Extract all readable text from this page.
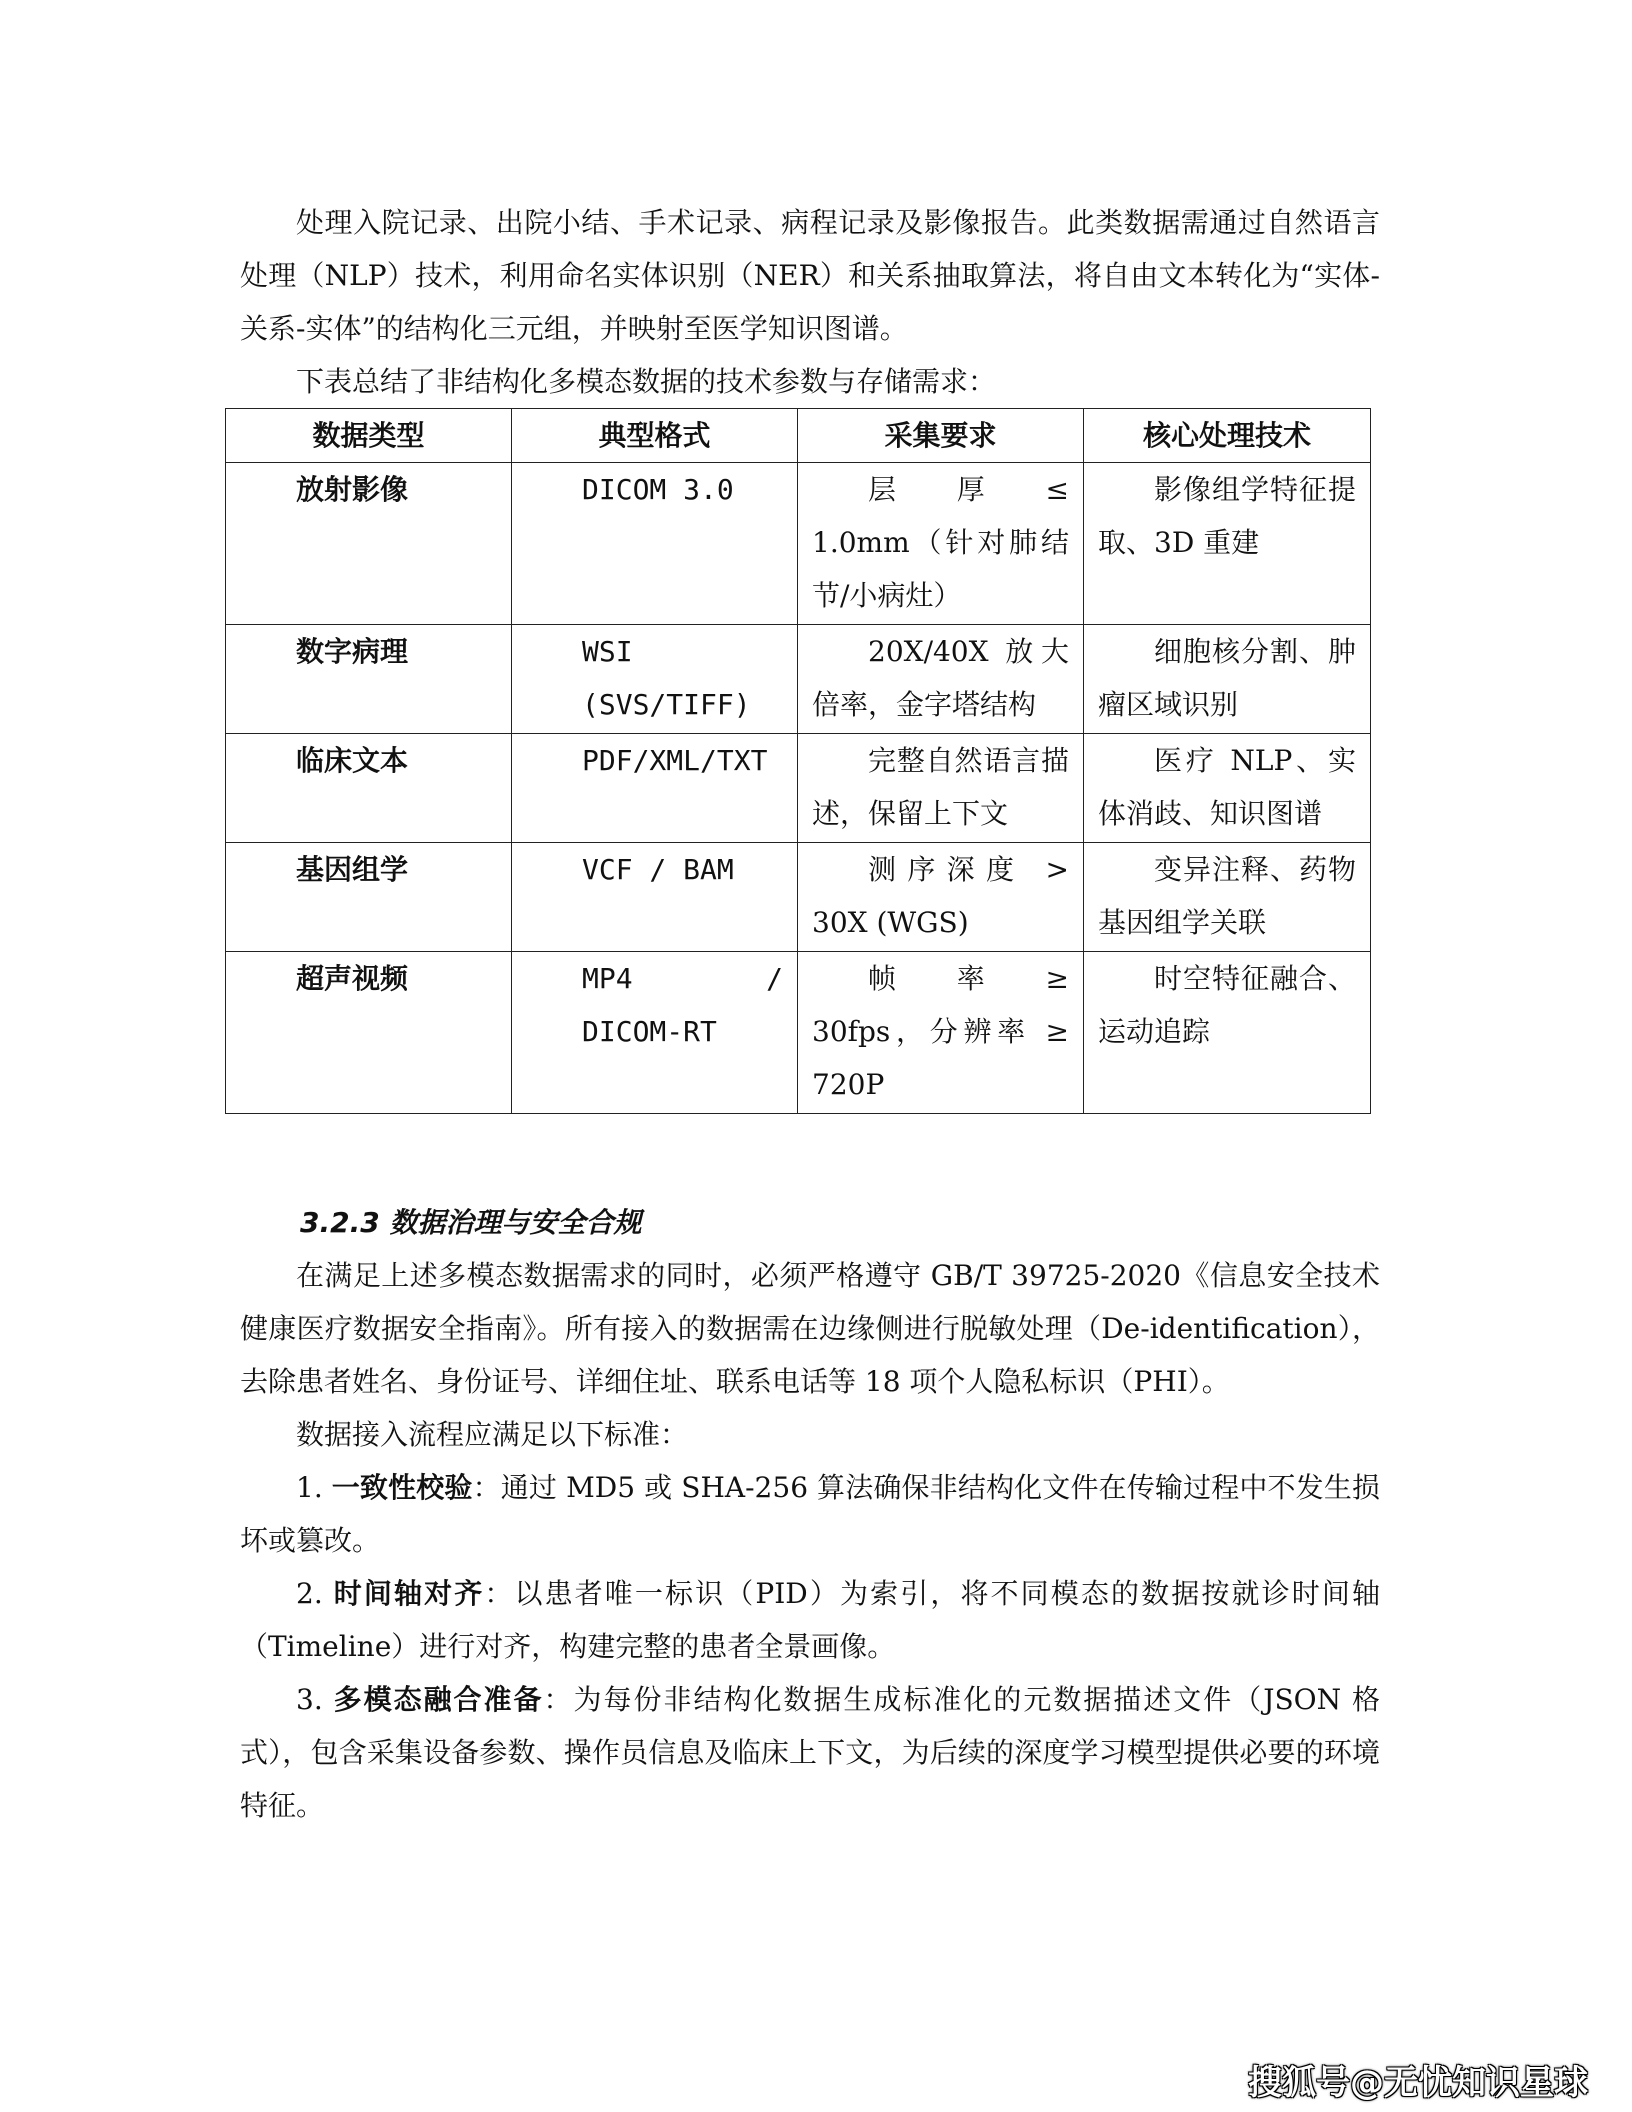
处理入院记录、出院小结、手术记录、病程记录及影像报告。此类数据需通过自然语言处理（NLP）技术，利用命名实体识别（NER）和关系抽取算法，将自由文本转化为“实体-关系-实体”的结构化三元组，并映射至医学知识图谱。

下表总结了非结构化多模态数据的技术参数与存储需求：

数据类型	典型格式	采集要求	核心处理技术
放射影像	DICOM 3.0	层 厚 ≤ 1.0mm（针对肺结节/小病灶）	影像组学特征提取、3D 重建
数字病理	WSI (SVS/TIFF)	20X/40X 放大倍率，金字塔结构	细胞核分割、肿瘤区域识别
临床文本	PDF/XML/TXT	完整自然语言描述，保留上下文	医疗 NLP、实体消歧、知识图谱
基因组学	VCF / BAM	测序深度 > 30X (WGS)	变异注释、药物基因组学关联
超声视频	MP4 / DICOM-RT	帧 率 ≥ 30fps，分辨率 ≥ 720P	时空特征融合、运动追踪
3.2.3 数据治理与安全合规

在满足上述多模态数据需求的同时，必须严格遵守 GB/T 39725-2020《信息安全技术 健康医疗数据安全指南》。所有接入的数据需在边缘侧进行脱敏处理（De-identification），去除患者姓名、身份证号、详细住址、联系电话等 18 项个人隐私标识（PHI）。

数据接入流程应满足以下标准：

1. 一致性校验：通过 MD5 或 SHA-256 算法确保非结构化文件在传输过程中不发生损坏或篡改。

2. 时间轴对齐：以患者唯一标识（PID）为索引，将不同模态的数据按就诊时间轴（Timeline）进行对齐，构建完整的患者全景画像。

3. 多模态融合准备：为每份非结构化数据生成标准化的元数据描述文件（JSON 格式），包含采集设备参数、操作员信息及临床上下文，为后续的深度学习模型提供必要的环境特征。

搜狐号@无忧知识星球
